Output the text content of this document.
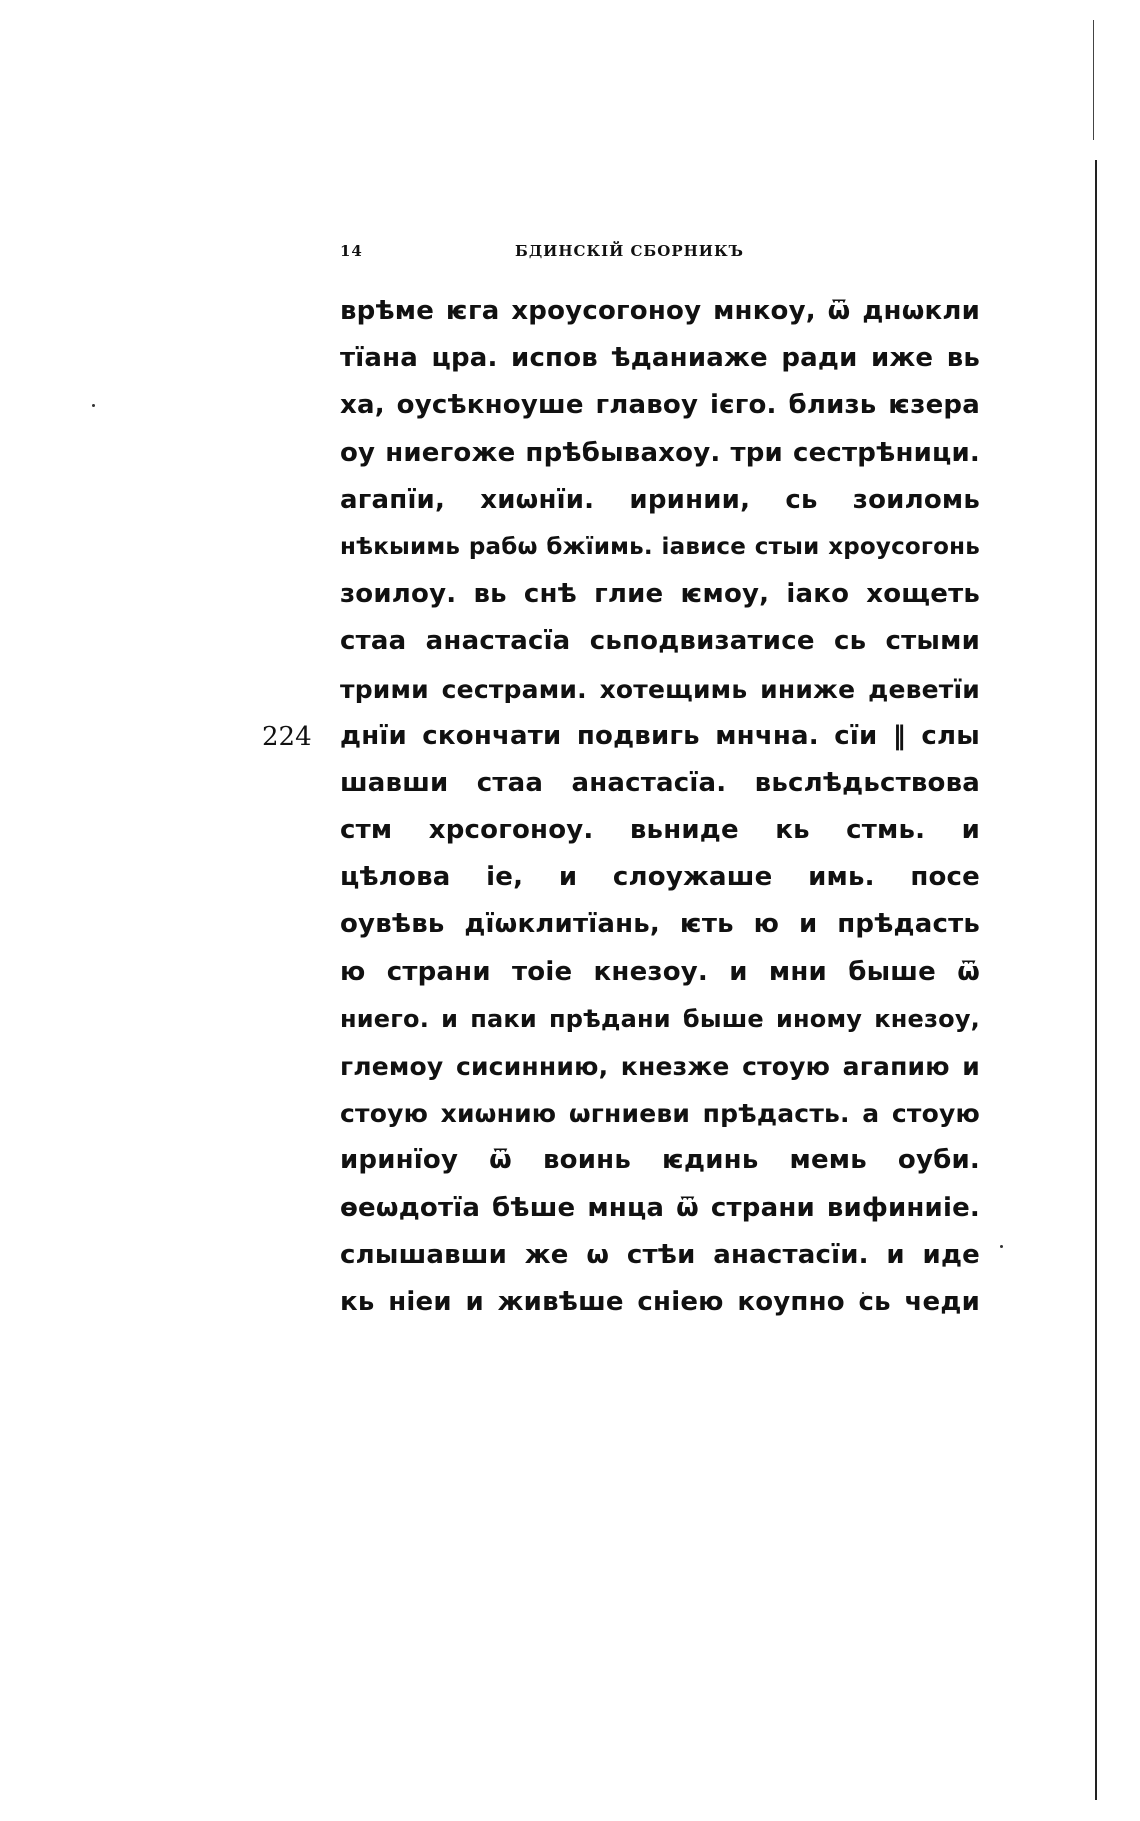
14	БДИНСКІЙ СБОРНИКЪ
224
врѣме ѥга хроусогоноу мнкоу, ѿ днѡкли
тїана цра. испов ѣданиаже ради иже вь
ха, оусѣкноуше главоу ієго. близь ѥзера
оу ниегоже прѣбывахоу. три сестрѣници.
агапїи, хиѡнїи. иринии, сь зоиломь
нѣкыимь рабѡ бжїимь. іависе стыи хроусогонь
зоилоу. вь снѣ глие ѥмоу, іако хощеть
стаа анастасїа сьподвизатисе сь стыми
трими сестрами. хотещимь иниже деветїи
днїи скончати подвигь мнчна. сїи ‖ слы
шавши стаа анастасїа. вьслѣдьствова
стм хрсогоноу. вьниде кь стмь. и
цѣлова іе, и слоужаше имь. посе
оувѣвь дїѡклитїань, ѥть ю и прѣдасть
ю страни тоіе кнезоу. и мни быше ѿ
ниего. и паки прѣдани быше иному кнезоу,
глемоу сисиннию, кнезже стоую агапию и
стоую хиѡнию ѡгниеви прѣдасть. а стоую
иринїоу ѿ воинь ѥдинь мемь оуби.
ѳеѡдотїа бѣше мнца ѿ страни вифиниіе.
слышавши же ѡ стѣи анастасїи. и иде
кь ніеи и живѣше сніею коупно сь чеди
